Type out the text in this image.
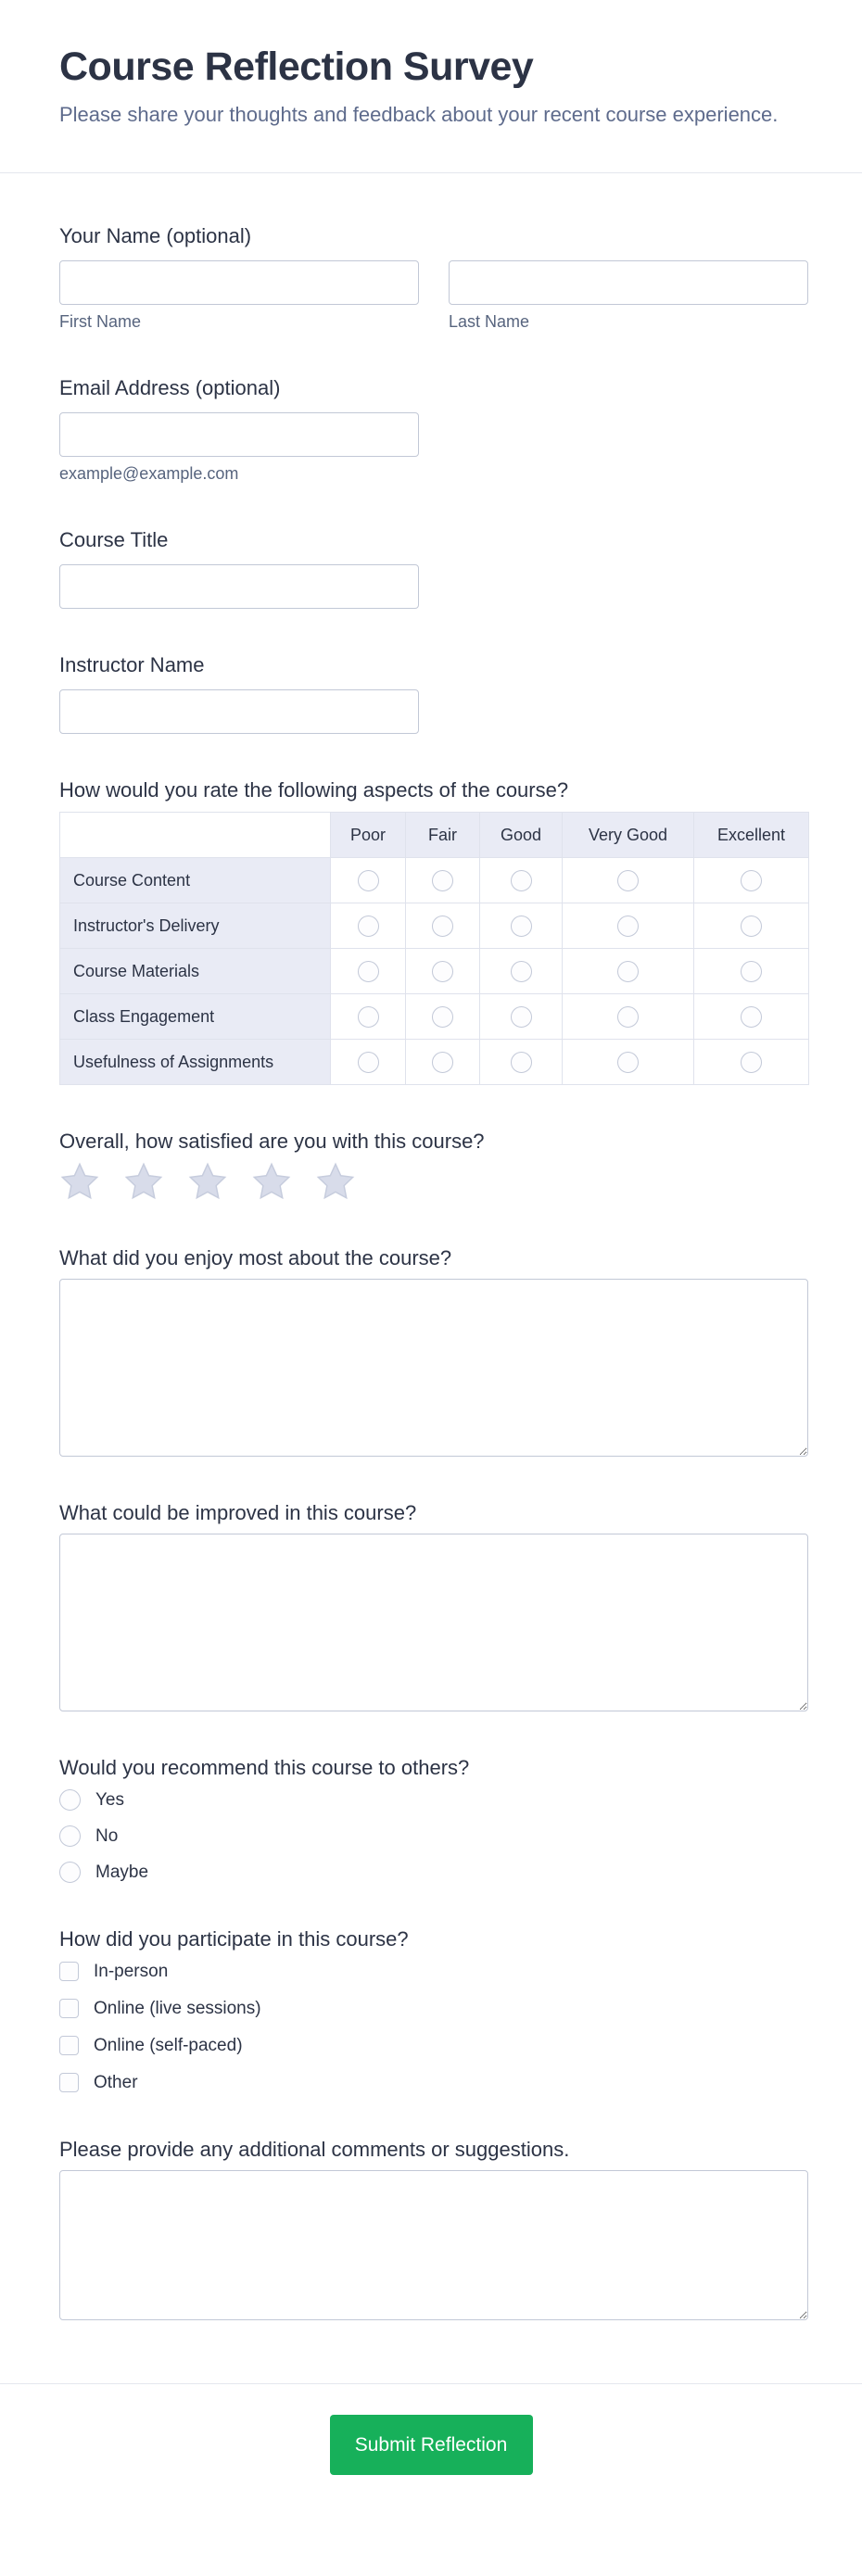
Course Reflection Survey

Please share your thoughts and feedback about your recent course experience.

Your Name (optional)
First Name	Last Name
Email Address (optional)
example@example.com
Course Title
Instructor Name
How would you rate the following aspects of the course?
	Poor	Fair	Good	Very Good	Excellent
Course Content					
Instructor's Delivery					
Course Materials					
Class Engagement					
Usefulness of Assignments					
Overall, how satisfied are you with this course?
What did you enjoy most about the course?
What could be improved in this course?
Would you recommend this course to others?
Yes
No
Maybe
How did you participate in this course?
In-person
Online (live sessions)
Online (self-paced)
Other
Please provide any additional comments or suggestions.
Submit Reflection
